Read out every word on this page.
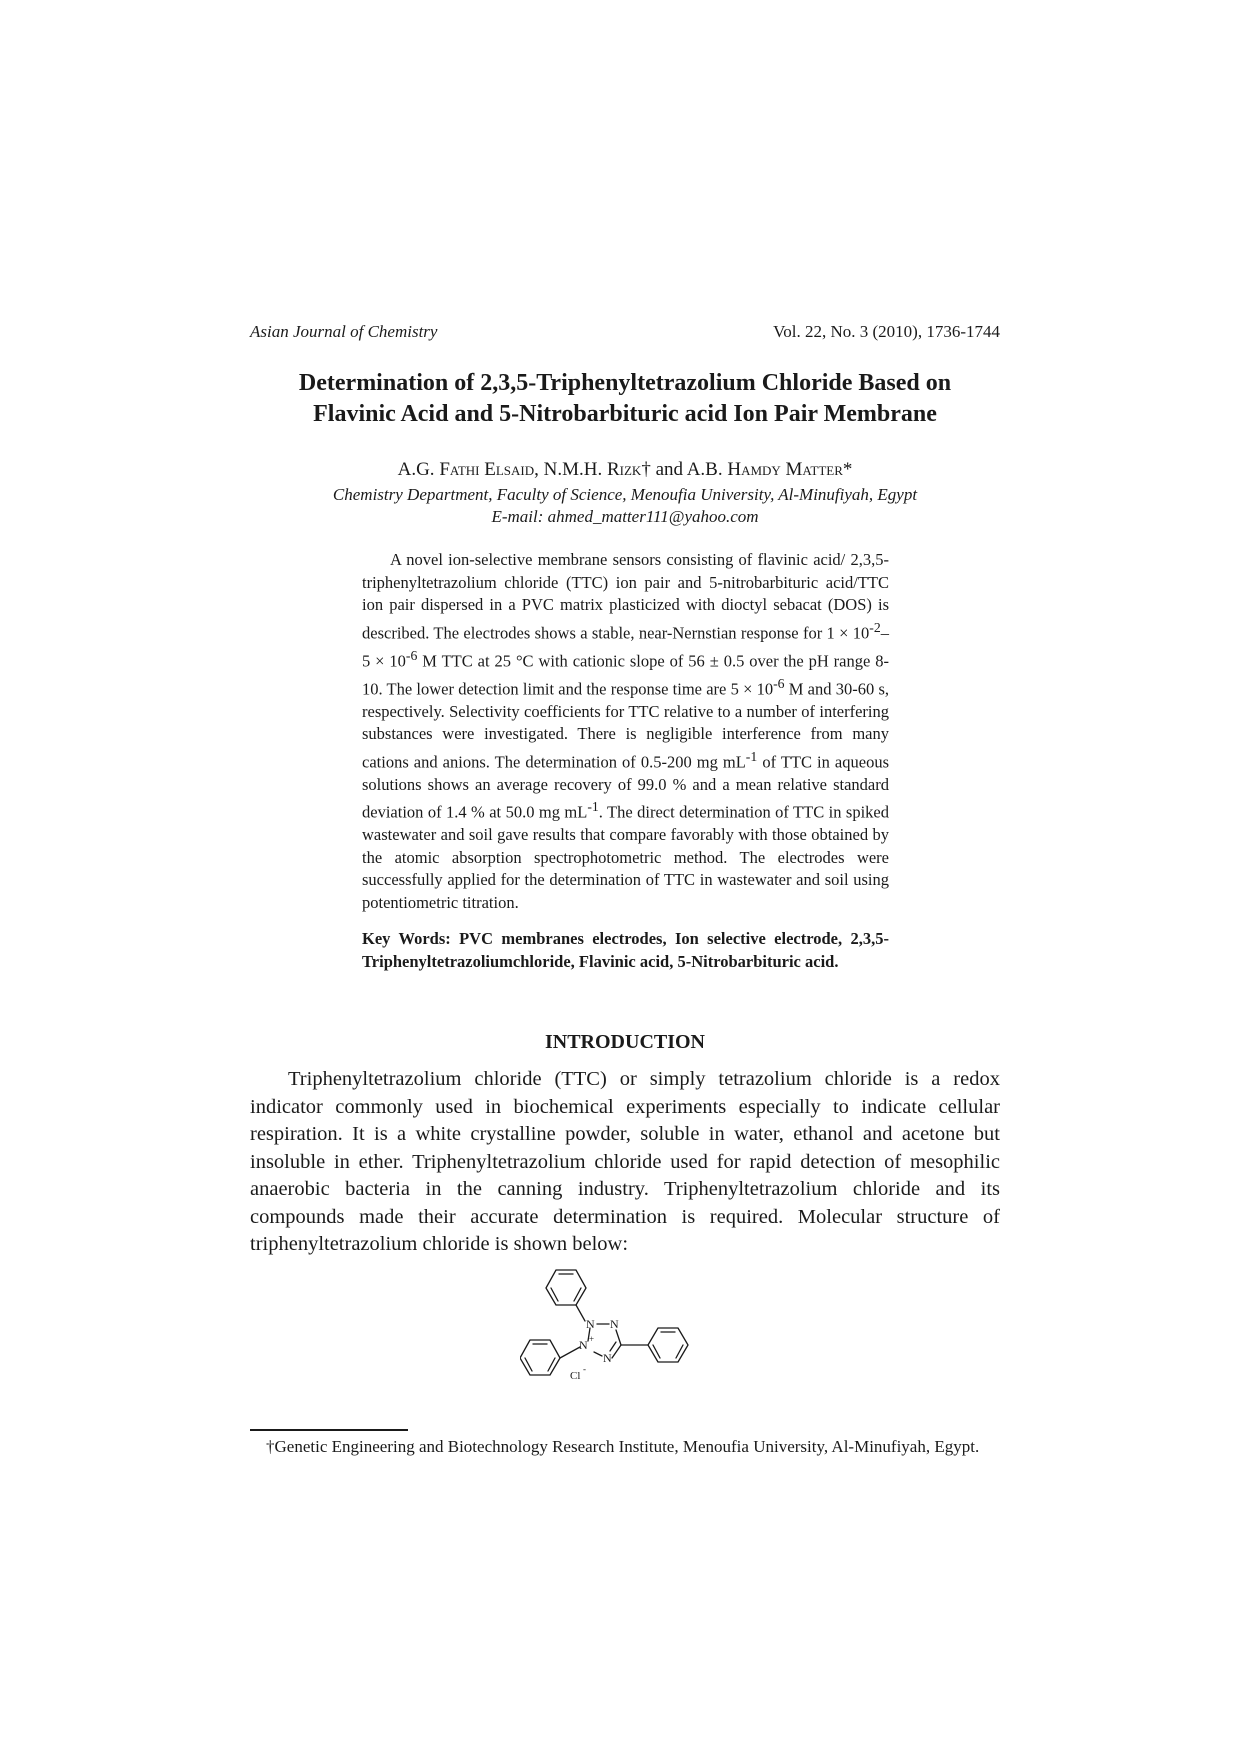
Asian Journal of Chemistry	Vol. 22, No. 3 (2010), 1736-1744
Determination of 2,3,5-Triphenyltetrazolium Chloride Based on
Flavinic Acid and 5-Nitrobarbituric acid Ion Pair Membrane
A.G. Fathi Elsaid, N.M.H. Rizk† and A.B. Hamdy Matter*
Chemistry Department, Faculty of Science, Menoufia University, Al-Minufiyah, Egypt
E-mail: ahmed_matter111@yahoo.com

A novel ion-selective membrane sensors consisting of flavinic acid/ 2,3,5-triphenyltetrazolium chloride (TTC) ion pair and 5-nitrobarbituric acid/TTC ion pair dispersed in a PVC matrix plasticized with dioctyl sebacat (DOS) is described. The electrodes shows a stable, near-Nernstian response for $1 \times 10^{-2}-5 \times 10^{-6}$ M TTC at 25 °C with cationic slope of 56 ± 0.5 over the pH range 8-10. The lower detection limit and the response time are $5 \times 10^{-6}$ M and 30-60 s, respectively. Selectivity coefficients for TTC relative to a number of interfering substances were investigated. There is negligible interference from many cations and anions. The determination of 0.5-200 mg $mL^{-1}$ of TTC in aqueous solutions shows an average recovery of 99.0 % and a mean relative standard deviation of 1.4 % at 50.0 mg $mL^{-1}$. The direct determination of TTC in spiked wastewater and soil gave results that compare favorably with those obtained by the atomic absorption spectrophotometric method. The electrodes were successfully applied for the determination of TTC in wastewater and soil using potentiometric titration.

Key Words: PVC membranes electrodes, Ion selective electrode, 2,3,5-Triphenyltetrazoliumchloride, Flavinic acid, 5-Nitrobarbituric acid.
INTRODUCTION

Triphenyltetrazolium chloride (TTC) or simply tetrazolium chloride is a redox indicator commonly used in biochemical experiments especially to indicate cellular respiration. It is a white crystalline powder, soluble in water, ethanol and acetone but insoluble in ether. Triphenyltetrazolium chloride used for rapid detection of mesophilic anaerobic bacteria in the canning industry. Triphenyltetrazolium chloride and its compounds made their accurate determination is required. Molecular structure of triphenyltetrazolium chloride is shown below:

N N
N +
N
Cl
-

†Genetic Engineering and Biotechnology Research Institute, Menoufia University, Al-Minufiyah, Egypt.
